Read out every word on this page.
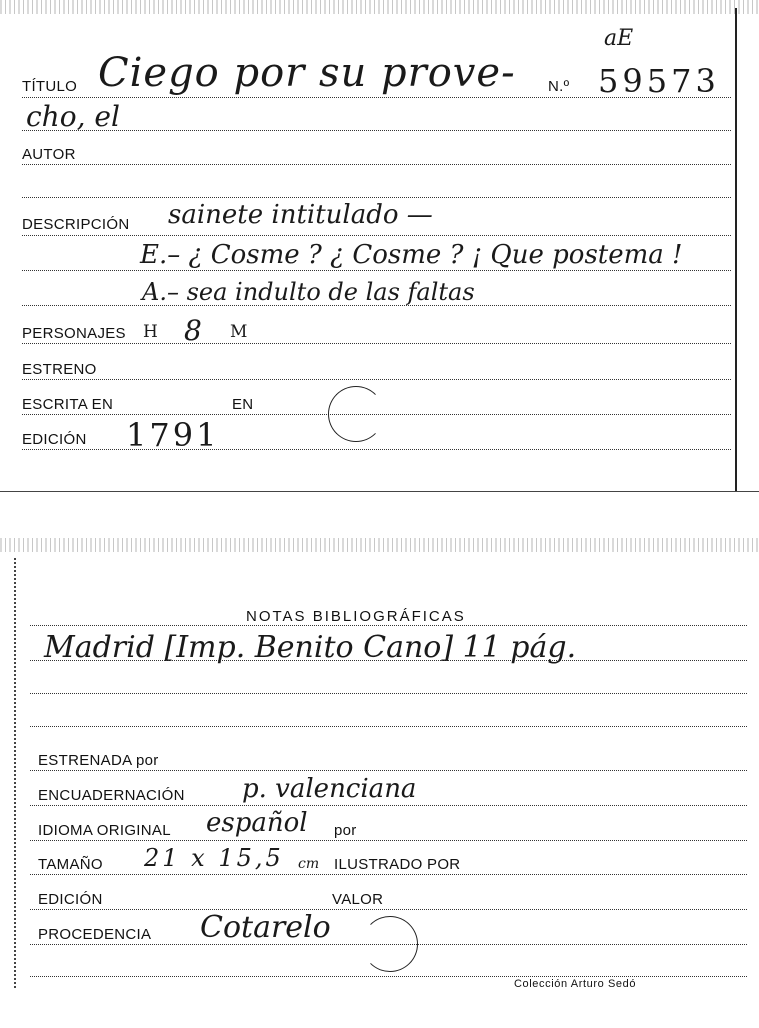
aE
TÍTULO Ciego por su prove- N.º 59573
cho, el
AUTOR
DESCRIPCIÓN sainete intitulado —
E.– ¿ Cosme ? ¿ Cosme ? ¡ Que postema !
A.– sea indulto de las faltas
PERSONAJES H 8 M
ESTRENO
ESCRITA EN	EN
EDICIÓN 1791
NOTAS BIBLIOGRÁFICAS
Madrid [Imp. Benito Cano] 11 pág.
ESTRENADA por
ENCUADERNACIÓN p. valenciana
IDIOMA ORIGINAL español por
TAMAÑO 21 x 15,5 cm ILUSTRADO POR
EDICIÓN	VALOR
PROCEDENCIA Cotarelo
Colección Arturo Sedó
